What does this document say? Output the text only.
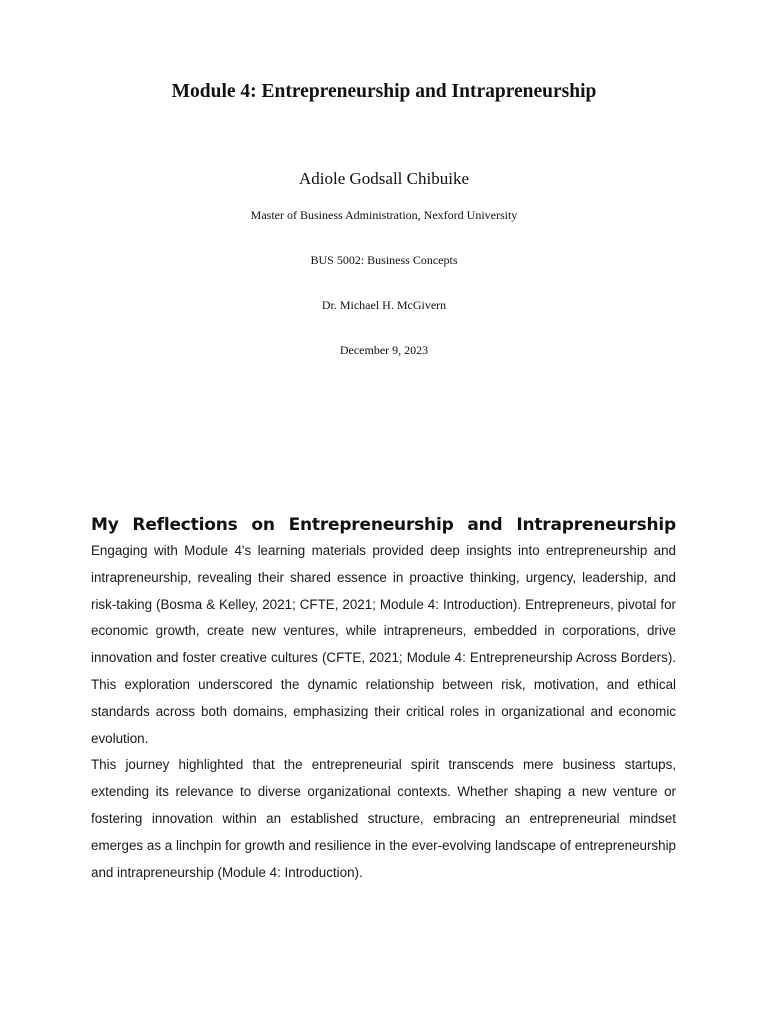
Module 4: Entrepreneurship and Intrapreneurship

Adiole Godsall Chibuike

Master of Business Administration, Nexford University

BUS 5002: Business Concepts

Dr. Michael H. McGivern

December 9, 2023

My Reflections on Entrepreneurship and Intrapreneurship

Engaging with Module 4's learning materials provided deep insights into entrepreneurship and intrapreneurship, revealing their shared essence in proactive thinking, urgency, leadership, and risk-taking (Bosma & Kelley, 2021; CFTE, 2021; Module 4: Introduction). Entrepreneurs, pivotal for economic growth, create new ventures, while intrapreneurs, embedded in corporations, drive innovation and foster creative cultures (CFTE, 2021; Module 4: Entrepreneurship Across Borders). This exploration underscored the dynamic relationship between risk, motivation, and ethical standards across both domains, emphasizing their critical roles in organizational and economic evolution.

This journey highlighted that the entrepreneurial spirit transcends mere business startups, extending its relevance to diverse organizational contexts. Whether shaping a new venture or fostering innovation within an established structure, embracing an entrepreneurial mindset emerges as a linchpin for growth and resilience in the ever-evolving landscape of entrepreneurship and intrapreneurship (Module 4: Introduction).
